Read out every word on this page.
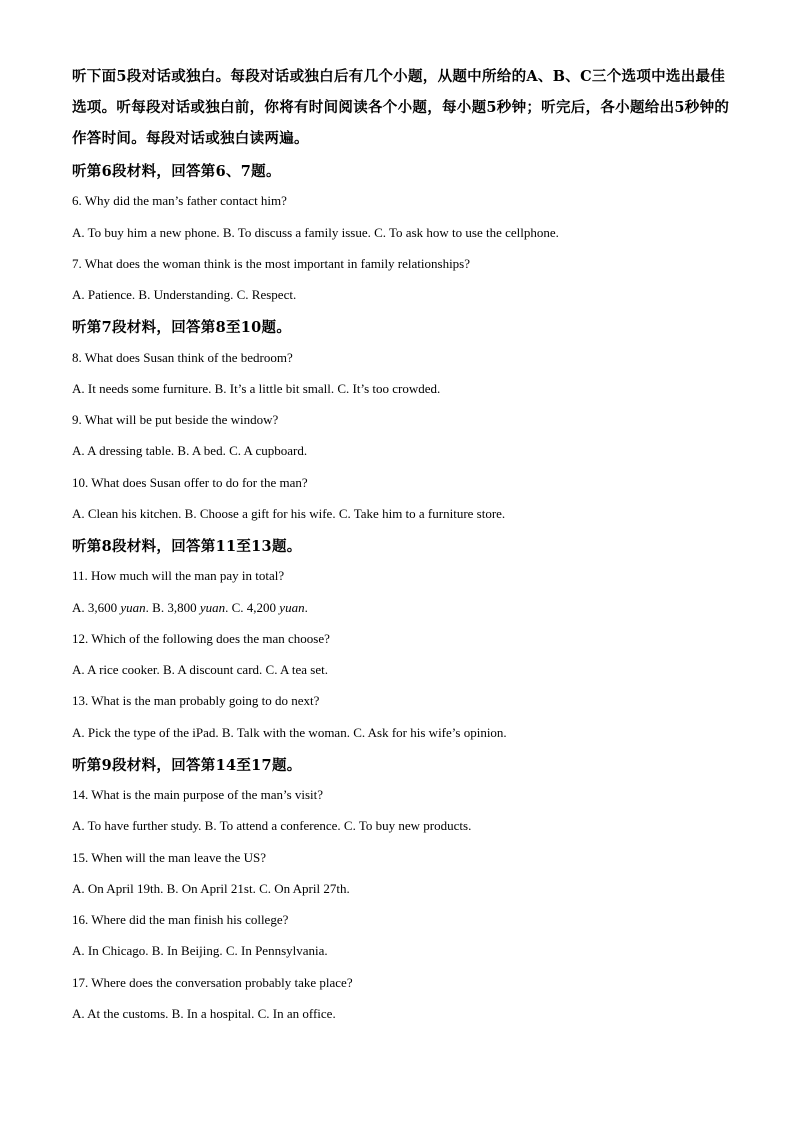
听下面5段对话或独白。每段对话或独白后有几个小题，从题中所给的A、B、C三个选项中选出最佳选项。听每段对话或独白前，你将有时间阅读各个小题，每小题5秒钟；听完后，各小题给出5秒钟的作答时间。每段对话或独白读两遍。

听第6段材料，回答第6、7题。

6. Why did the man’s father contact him?

A. To buy him a new phone. B. To discuss a family issue. C. To ask how to use the cellphone.

7. What does the woman think is the most important in family relationships?

A. Patience. B. Understanding. C. Respect.

听第7段材料，回答第8至10题。

8. What does Susan think of the bedroom?

A. It needs some furniture. B. It’s a little bit small. C. It’s too crowded.

9. What will be put beside the window?

A. A dressing table. B. A bed. C. A cupboard.

10. What does Susan offer to do for the man?

A. Clean his kitchen. B. Choose a gift for his wife. C. Take him to a furniture store.

听第8段材料，回答第11至13题。

11. How much will the man pay in total?

A. 3,600 yuan. B. 3,800 yuan. C. 4,200 yuan.

12. Which of the following does the man choose?

A. A rice cooker. B. A discount card. C. A tea set.

13. What is the man probably going to do next?

A. Pick the type of the iPad. B. Talk with the woman. C. Ask for his wife’s opinion.

听第9段材料，回答第14至17题。

14. What is the main purpose of the man’s visit?

A. To have further study. B. To attend a conference. C. To buy new products.

15. When will the man leave the US?

A. On April 19th. B. On April 21st. C. On April 27th.

16. Where did the man finish his college?

A. In Chicago. B. In Beijing. C. In Pennsylvania.

17. Where does the conversation probably take place?

A. At the customs. B. In a hospital. C. In an office.
